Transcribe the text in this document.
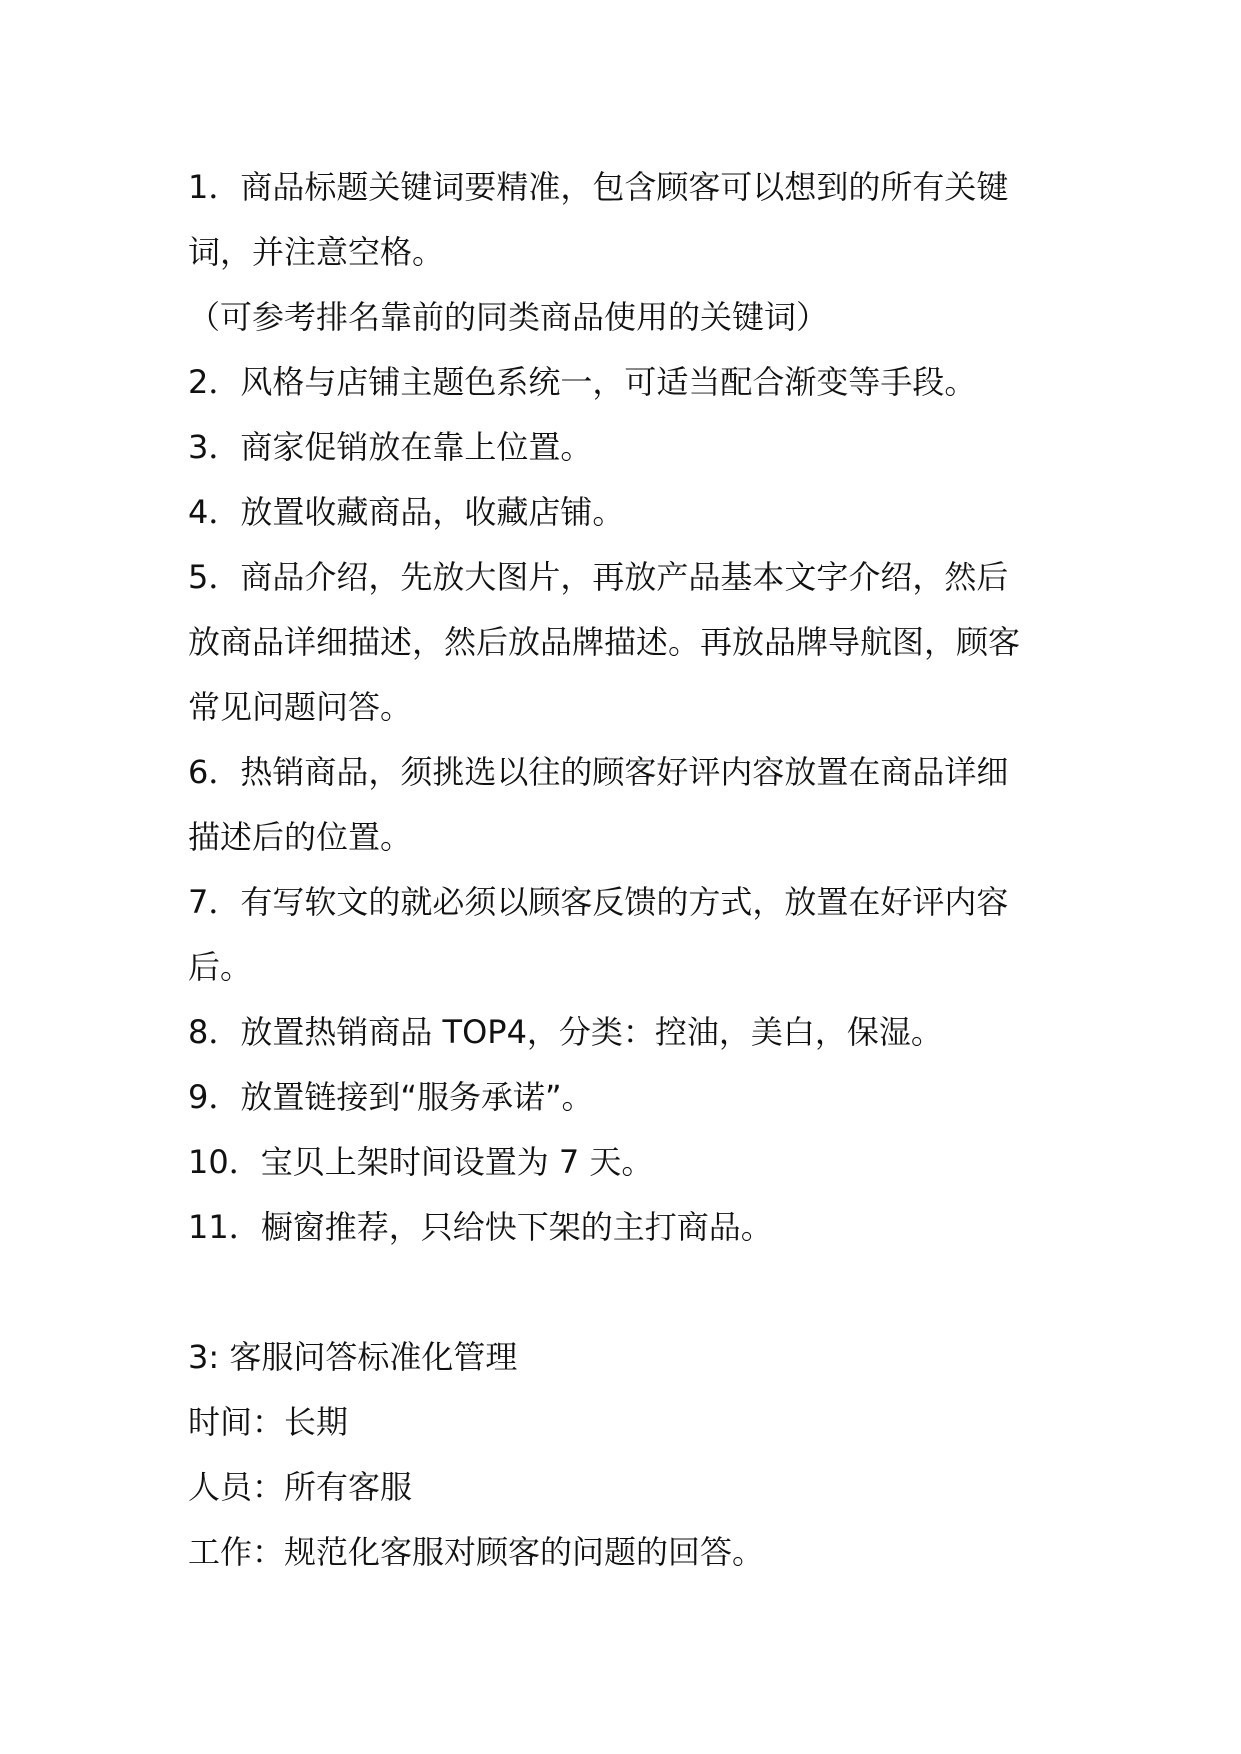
1．商品标题关键词要精准，包含顾客可以想到的所有关键
词，并注意空格。
（可参考排名靠前的同类商品使用的关键词）
2．风格与店铺主题色系统一，可适当配合渐变等手段。
3．商家促销放在靠上位置。
4．放置收藏商品，收藏店铺。
5．商品介绍，先放大图片，再放产品基本文字介绍，然后
放商品详细描述，然后放品牌描述。再放品牌导航图，顾客
常见问题问答。
6．热销商品，须挑选以往的顾客好评内容放置在商品详细
描述后的位置。
7．有写软文的就必须以顾客反馈的方式，放置在好评内容
后。
8．放置热销商品 TOP4，分类：控油，美白，保湿。
9．放置链接到“服务承诺”。
10．宝贝上架时间设置为 7 天。
11．橱窗推荐，只给快下架的主打商品。
3: 客服问答标准化管理
时间：长期
人员：所有客服
工作：规范化客服对顾客的问题的回答。
